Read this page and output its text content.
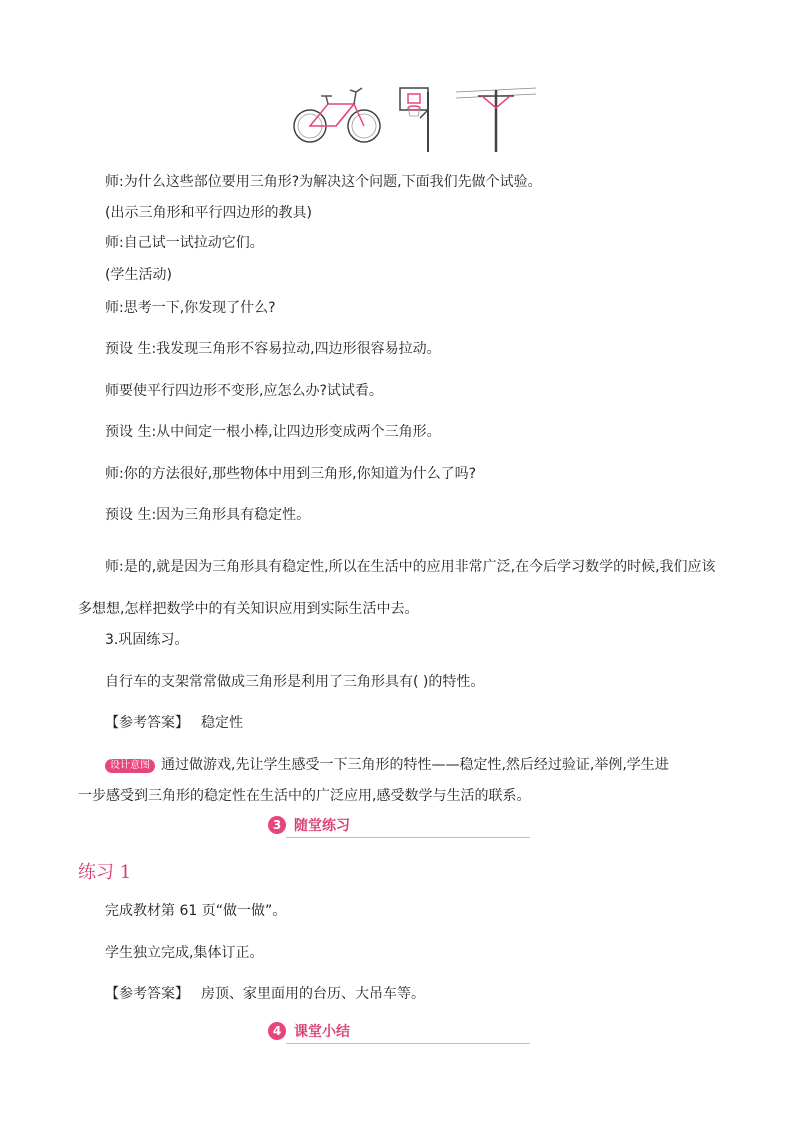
师:为什么这些部位要用三角形?为解决这个问题,下面我们先做个试验。
(出示三角形和平行四边形的教具)
师:自己试一试拉动它们。
(学生活动)
师:思考一下,你发现了什么?
预设 生:我发现三角形不容易拉动,四边形很容易拉动。
师要使平行四边形不变形,应怎么办?试试看。
预设 生:从中间定一根小棒,让四边形变成两个三角形。
师:你的方法很好,那些物体中用到三角形,你知道为什么了吗?
预设 生:因为三角形具有稳定性。
师:是的,就是因为三角形具有稳定性,所以在生活中的应用非常广泛,在今后学习数学的时候,我们应该多想想,怎样把数学中的有关知识应用到实际生活中去。
3.巩固练习。
自行车的支架常常做成三角形是利用了三角形具有( )的特性。
【参考答案】 稳定性
设计意图 通过做游戏,先让学生感受一下三角形的特性——稳定性,然后经过验证,举例,学生进
一步感受到三角形的稳定性在生活中的广泛应用,感受数学与生活的联系。
3 随堂练习
练习 1
完成教材第 61 页“做一做”。
学生独立完成,集体订正。
【参考答案】 房顶、家里面用的台历、大吊车等。
4 课堂小结
